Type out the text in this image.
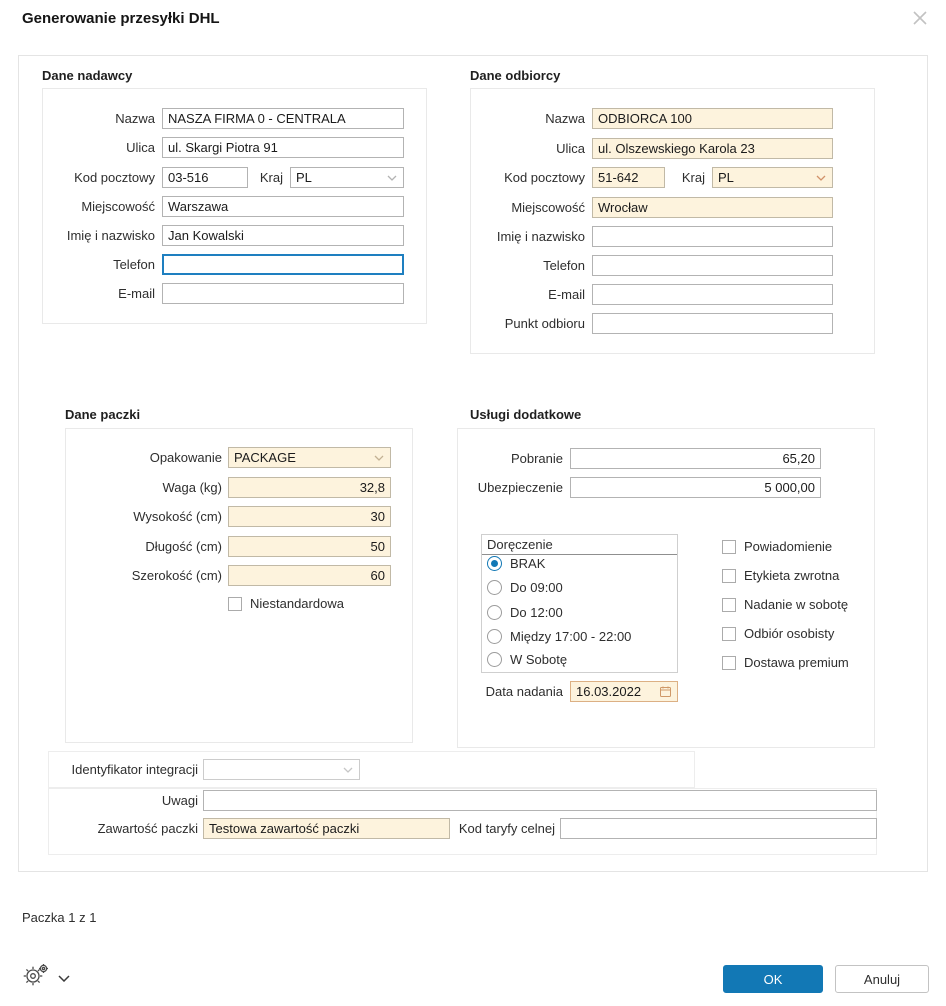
Generowanie przesyłki DHL
Dane nadawcy
Nazwa	NASZA FIRMA 0 - CENTRALA
Ulica	ul. Skargi Piotra 91
Kod pocztowy	03-516	Kraj PL
Miejscowość	Warszawa
Imię i nazwisko	Jan Kowalski
Telefon
E-mail
Dane odbiorcy
Nazwa	ODBIORCA 100
Ulica	ul. Olszewskiego Karola 23
Kod pocztowy	51-642	Kraj PL
Miejscowość	Wrocław
Imię i nazwisko
Telefon
E-mail
Punkt odbioru
Dane paczki
Opakowanie PACKAGE
Waga (kg)	32,8
Wysokość (cm)	30
Długość (cm)	50
Szerokość (cm)	60
Niestandardowa
Usługi dodatkowe
Pobranie	65,20
Ubezpieczenie	5 000,00
Doręczenie
BRAK
Do 09:00
Do 12:00
Między 17:00 - 22:00
W Sobotę
Data nadania 16.03.2022
Powiadomienie
Etykieta zwrotna
Nadanie w sobotę
Odbiór osobisty
Dostawa premium
Identyfikator integracji
Uwagi
Zawartość paczki Testowa zawartość paczki	Kod taryfy celnej
Paczka 1 z 1
OK	Anuluj
